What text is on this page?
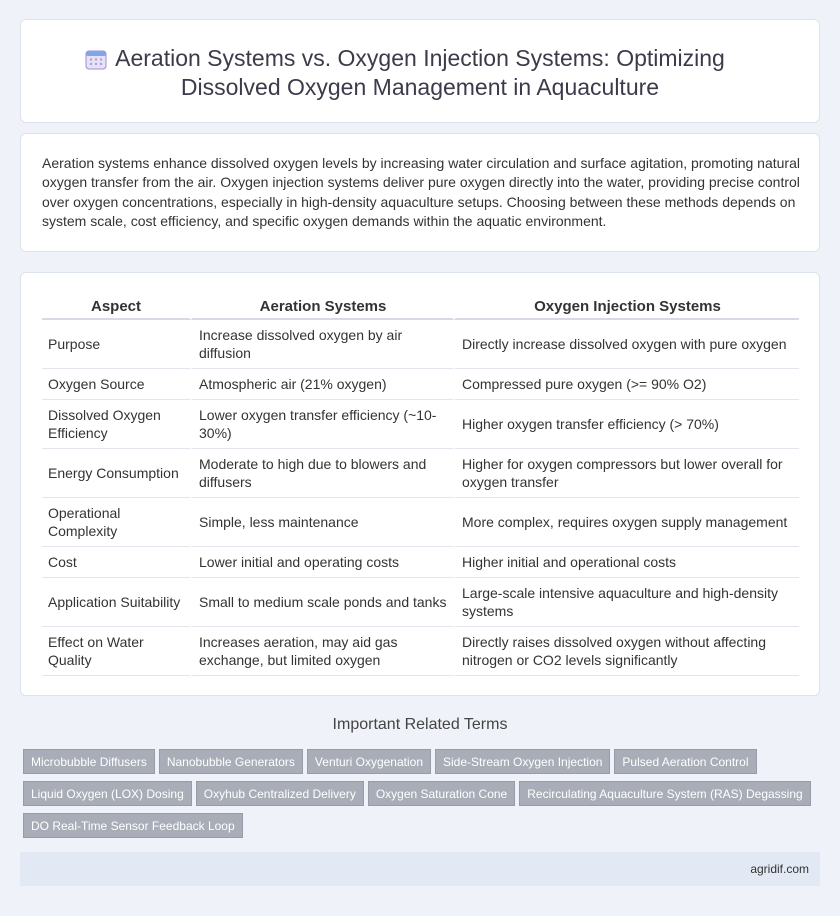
Aeration Systems vs. Oxygen Injection Systems: Optimizing
Dissolved Oxygen Management in Aquaculture

Aeration systems enhance dissolved oxygen levels by increasing water circulation and surface agitation, promoting natural oxygen transfer from the air. Oxygen injection systems deliver pure oxygen directly into the water, providing precise control over oxygen concentrations, especially in high-density aquaculture setups. Choosing between these methods depends on system scale, cost efficiency, and specific oxygen demands within the aquatic environment.

Aspect	Aeration Systems	Oxygen Injection Systems
Purpose	Increase dissolved oxygen by air diffusion	Directly increase dissolved oxygen with pure oxygen
Oxygen Source	Atmospheric air (21% oxygen)	Compressed pure oxygen (>= 90% O2)
Dissolved Oxygen Efficiency	Lower oxygen transfer efficiency (~10-30%)	Higher oxygen transfer efficiency (> 70%)
Energy Consumption	Moderate to high due to blowers and diffusers	Higher for oxygen compressors but lower overall for oxygen transfer
Operational Complexity	Simple, less maintenance	More complex, requires oxygen supply management
Cost	Lower initial and operating costs	Higher initial and operational costs
Application Suitability	Small to medium scale ponds and tanks	Large-scale intensive aquaculture and high-density systems
Effect on Water Quality	Increases aeration, may aid gas exchange, but limited oxygen	Directly raises dissolved oxygen without affecting nitrogen or CO2 levels significantly
Important Related Terms
Microbubble Diffusers Nanobubble Generators Venturi Oxygenation Side-Stream Oxygen Injection Pulsed Aeration Control
Liquid Oxygen (LOX) Dosing Oxyhub Centralized Delivery Oxygen Saturation Cone Recirculating Aquaculture System (RAS) Degassing
DO Real-Time Sensor Feedback Loop
agridif.com
